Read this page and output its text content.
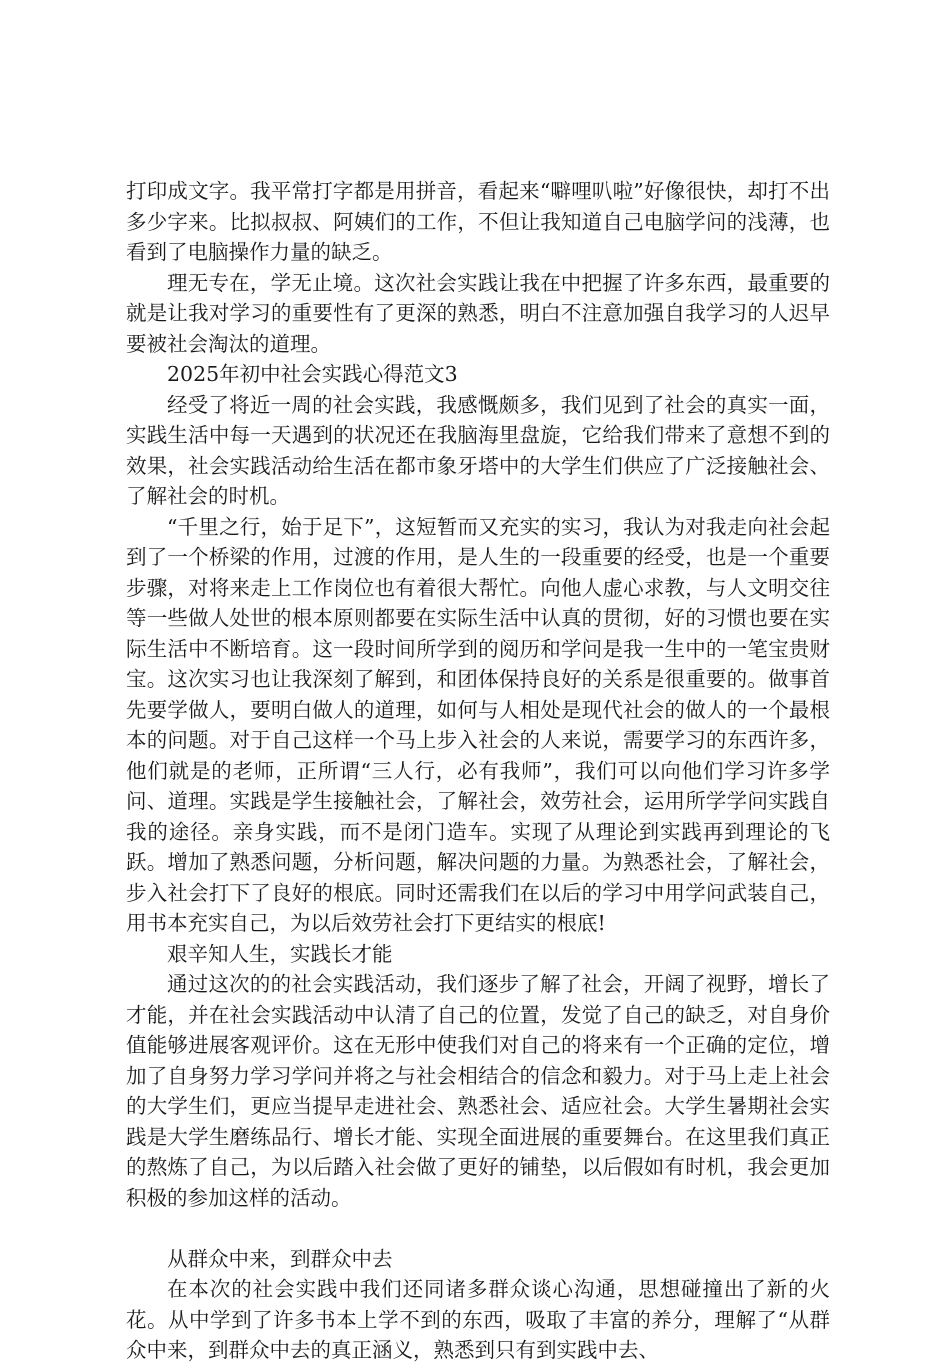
打印成文字。我平常打字都是用拼音，看起来“噼哩叭啦”好像很快，却打不出多少字来。比拟叔叔、阿姨们的工作，不但让我知道自己电脑学问的浅薄，也看到了电脑操作力量的缺乏。

理无专在，学无止境。这次社会实践让我在中把握了许多东西，最重要的就是让我对学习的重要性有了更深的熟悉，明白不注意加强自我学习的人迟早要被社会淘汰的道理。

2025年初中社会实践心得范文3

经受了将近一周的社会实践，我感慨颇多，我们见到了社会的真实一面，实践生活中每一天遇到的状况还在我脑海里盘旋，它给我们带来了意想不到的效果，社会实践活动给生活在都市象牙塔中的大学生们供应了广泛接触社会、了解社会的时机。

“千里之行，始于足下”，这短暂而又充实的实习，我认为对我走向社会起到了一个桥梁的作用，过渡的作用，是人生的一段重要的经受，也是一个重要步骤，对将来走上工作岗位也有着很大帮忙。向他人虚心求教，与人文明交往等一些做人处世的根本原则都要在实际生活中认真的贯彻，好的习惯也要在实际生活中不断培育。这一段时间所学到的阅历和学问是我一生中的一笔宝贵财宝。这次实习也让我深刻了解到，和团体保持良好的关系是很重要的。做事首先要学做人，要明白做人的道理，如何与人相处是现代社会的做人的一个最根本的问题。对于自己这样一个马上步入社会的人来说，需要学习的东西许多，他们就是的老师，正所谓“三人行，必有我师”，我们可以向他们学习许多学问、道理。实践是学生接触社会，了解社会，效劳社会，运用所学学问实践自我的途径。亲身实践，而不是闭门造车。实现了从理论到实践再到理论的飞跃。增加了熟悉问题，分析问题，解决问题的力量。为熟悉社会，了解社会，步入社会打下了良好的根底。同时还需我们在以后的学习中用学问武装自己，用书本充实自己，为以后效劳社会打下更结实的根底!

艰辛知人生，实践长才能

通过这次的的社会实践活动，我们逐步了解了社会，开阔了视野，增长了才能，并在社会实践活动中认清了自己的位置，发觉了自己的缺乏，对自身价值能够进展客观评价。这在无形中使我们对自己的将来有一个正确的定位，增加了自身努力学习学问并将之与社会相结合的信念和毅力。对于马上走上社会的大学生们，更应当提早走进社会、熟悉社会、适应社会。大学生暑期社会实践是大学生磨练品行、增长才能、实现全面进展的重要舞台。在这里我们真正的熬炼了自己，为以后踏入社会做了更好的铺垫，以后假如有时机，我会更加积极的参加这样的活动。

从群众中来，到群众中去

在本次的社会实践中我们还同诸多群众谈心沟通，思想碰撞出了新的火花。从中学到了许多书本上学不到的东西，吸取了丰富的养分，理解了“从群众中来，到群众中去的真正涵义，熟悉到只有到实践中去、
